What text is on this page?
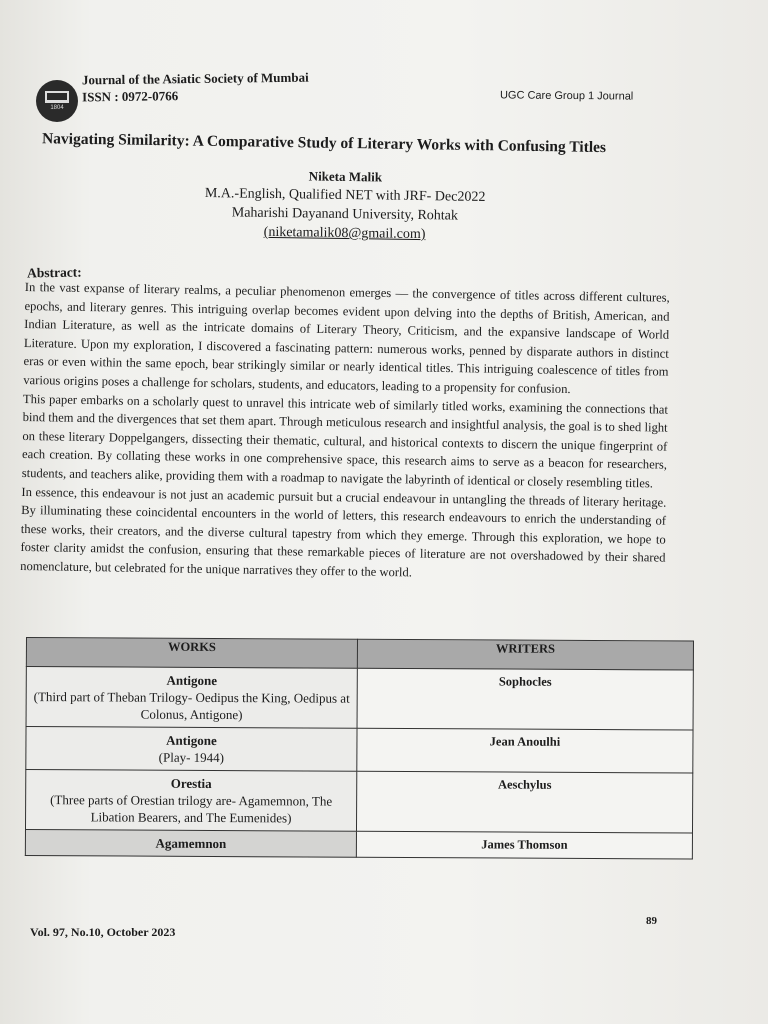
1804
Journal of the Asiatic Society of Mumbai
ISSN : 0972-0766	UGC Care Group 1 Journal
Navigating Similarity: A Comparative Study of Literary Works with Confusing Titles
Niketa Malik
M.A.-English, Qualified NET with JRF- Dec2022
Maharishi Dayanand University, Rohtak
(niketamalik08@gmail.com)
Abstract:

In the vast expanse of literary realms, a peculiar phenomenon emerges — the convergence of titles across different cultures, epochs, and literary genres. This intriguing overlap becomes evident upon delving into the depths of British, American, and Indian Literature, as well as the intricate domains of Literary Theory, Criticism, and the expansive landscape of World Literature. Upon my exploration, I discovered a fascinating pattern: numerous works, penned by disparate authors in distinct eras or even within the same epoch, bear strikingly similar or nearly identical titles. This intriguing coalescence of titles from various origins poses a challenge for scholars, students, and educators, leading to a propensity for confusion.

This paper embarks on a scholarly quest to unravel this intricate web of similarly titled works, examining the connections that bind them and the divergences that set them apart. Through meticulous research and insightful analysis, the goal is to shed light on these literary Doppelgangers, dissecting their thematic, cultural, and historical contexts to discern the unique fingerprint of each creation. By collating these works in one comprehensive space, this research aims to serve as a beacon for researchers, students, and teachers alike, providing them with a roadmap to navigate the labyrinth of identical or closely resembling titles.

In essence, this endeavour is not just an academic pursuit but a crucial endeavour in untangling the threads of literary heritage. By illuminating these coincidental encounters in the world of letters, this research endeavours to enrich the understanding of these works, their creators, and the diverse cultural tapestry from which they emerge. Through this exploration, we hope to foster clarity amidst the confusion, ensuring that these remarkable pieces of literature are not overshadowed by their shared nomenclature, but celebrated for the unique narratives they offer to the world.

WORKS	WRITERS

Antigone
(Third part of Theban Trilogy- Oedipus the King, Oedipus at Colonus, Antigone)	Sophocles

Antigone
(Play- 1944)	Jean Anoulhi

Orestia
(Three parts of Orestian trilogy are- Agamemnon, The Libation Bearers, and The Eumenides)	Aeschylus

Agamemnon	James Thomson
Vol. 97, No.10, October 2023
89
